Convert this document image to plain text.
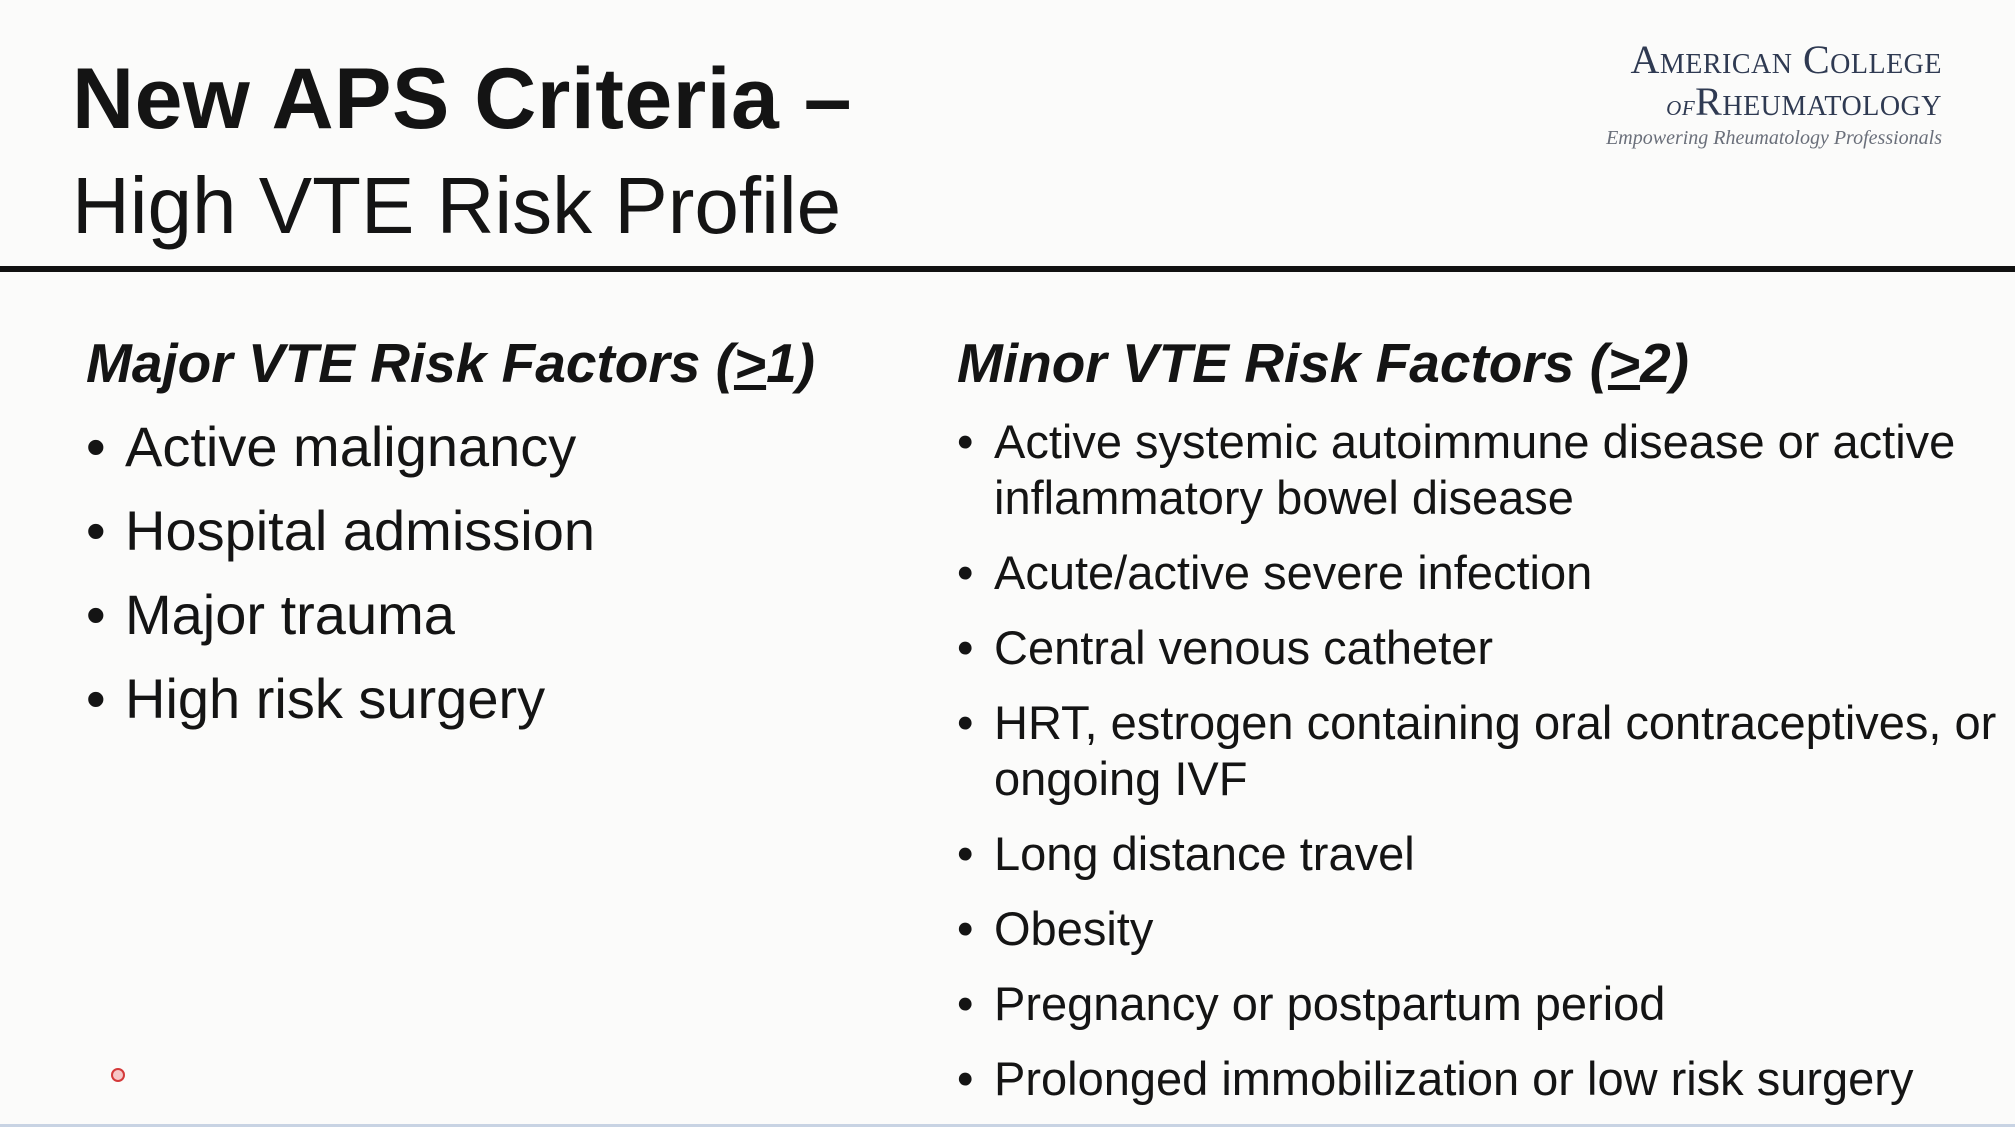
New APS Criteria –
High VTE Risk Profile
American College
ofRheumatology
Empowering Rheumatology Professionals
Major VTE Risk Factors (>1)
• Active malignancy
• Hospital admission
• Major trauma
• High risk surgery
Minor VTE Risk Factors (>2)
• Active systemic autoimmune disease or active inflammatory bowel disease
• Acute/active severe infection
• Central venous catheter
• HRT, estrogen containing oral contraceptives, or ongoing IVF
• Long distance travel
• Obesity
• Pregnancy or postpartum period
• Prolonged immobilization or low risk surgery
